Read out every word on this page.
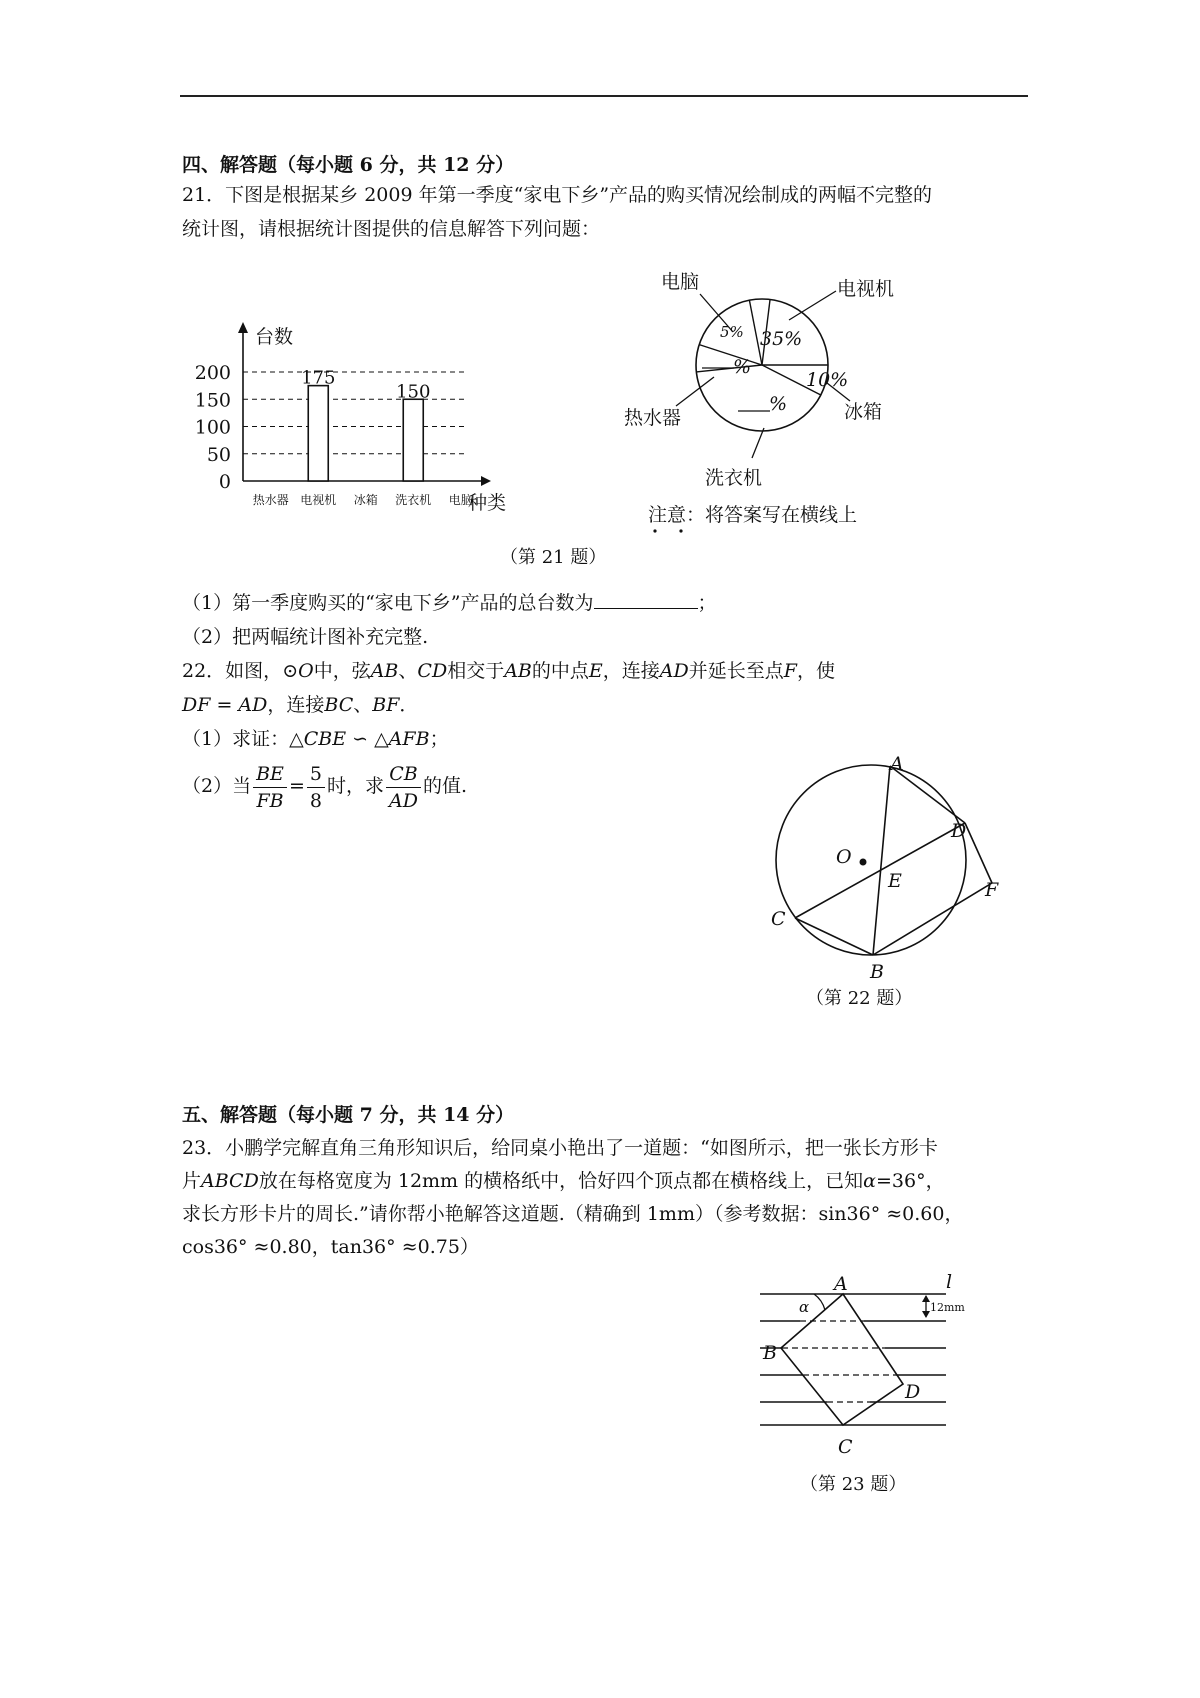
四、解答题（每小题 6 分，共 12 分）
21．下图是根据某乡 2009 年第一季度“家电下乡”产品的购买情况绘制成的两幅不完整的
统计图，请根据统计图提供的信息解答下列问题：
台数
种类
0
50
100
150
200
热水器 电视机
175
冰箱 洗衣机
150
电脑
35%
10%
%
%
5%
电视机
冰箱
洗衣机
热水器
电脑
注意：将答案写在横线上
（第 21 题）
（1）第一季度购买的“家电下乡”产品的总台数为	；
（2）把两幅统计图补充完整.
22．如图，⊙O中，弦AB、CD相交于AB的中点E，连接AD并延长至点F，使
DF = AD，连接BC、BF．
（1）求证：△CBE ∽ △AFB；
（2）当 $\frac{BE}{FB} = \frac{5}{8}$ 时，求 $\frac{CB}{AD}$ 的值.
A
B
C
D
E	F
O
（第 22 题）
五、解答题（每小题 7 分，共 14 分）
23．小鹏学完解直角三角形知识后，给同桌小艳出了一道题：“如图所示，把一张长方形卡
片ABCD放在每格宽度为 12mm 的横格纸中，恰好四个顶点都在横格线上，已知α=36°，
求长方形卡片的周长.”请你帮小艳解答这道题.（精确到 1mm）（参考数据：sin36° ≈0.60，
cos36° ≈0.80，tan36° ≈0.75）
A
B
C
D
l
α	12mm
（第 23 题）
